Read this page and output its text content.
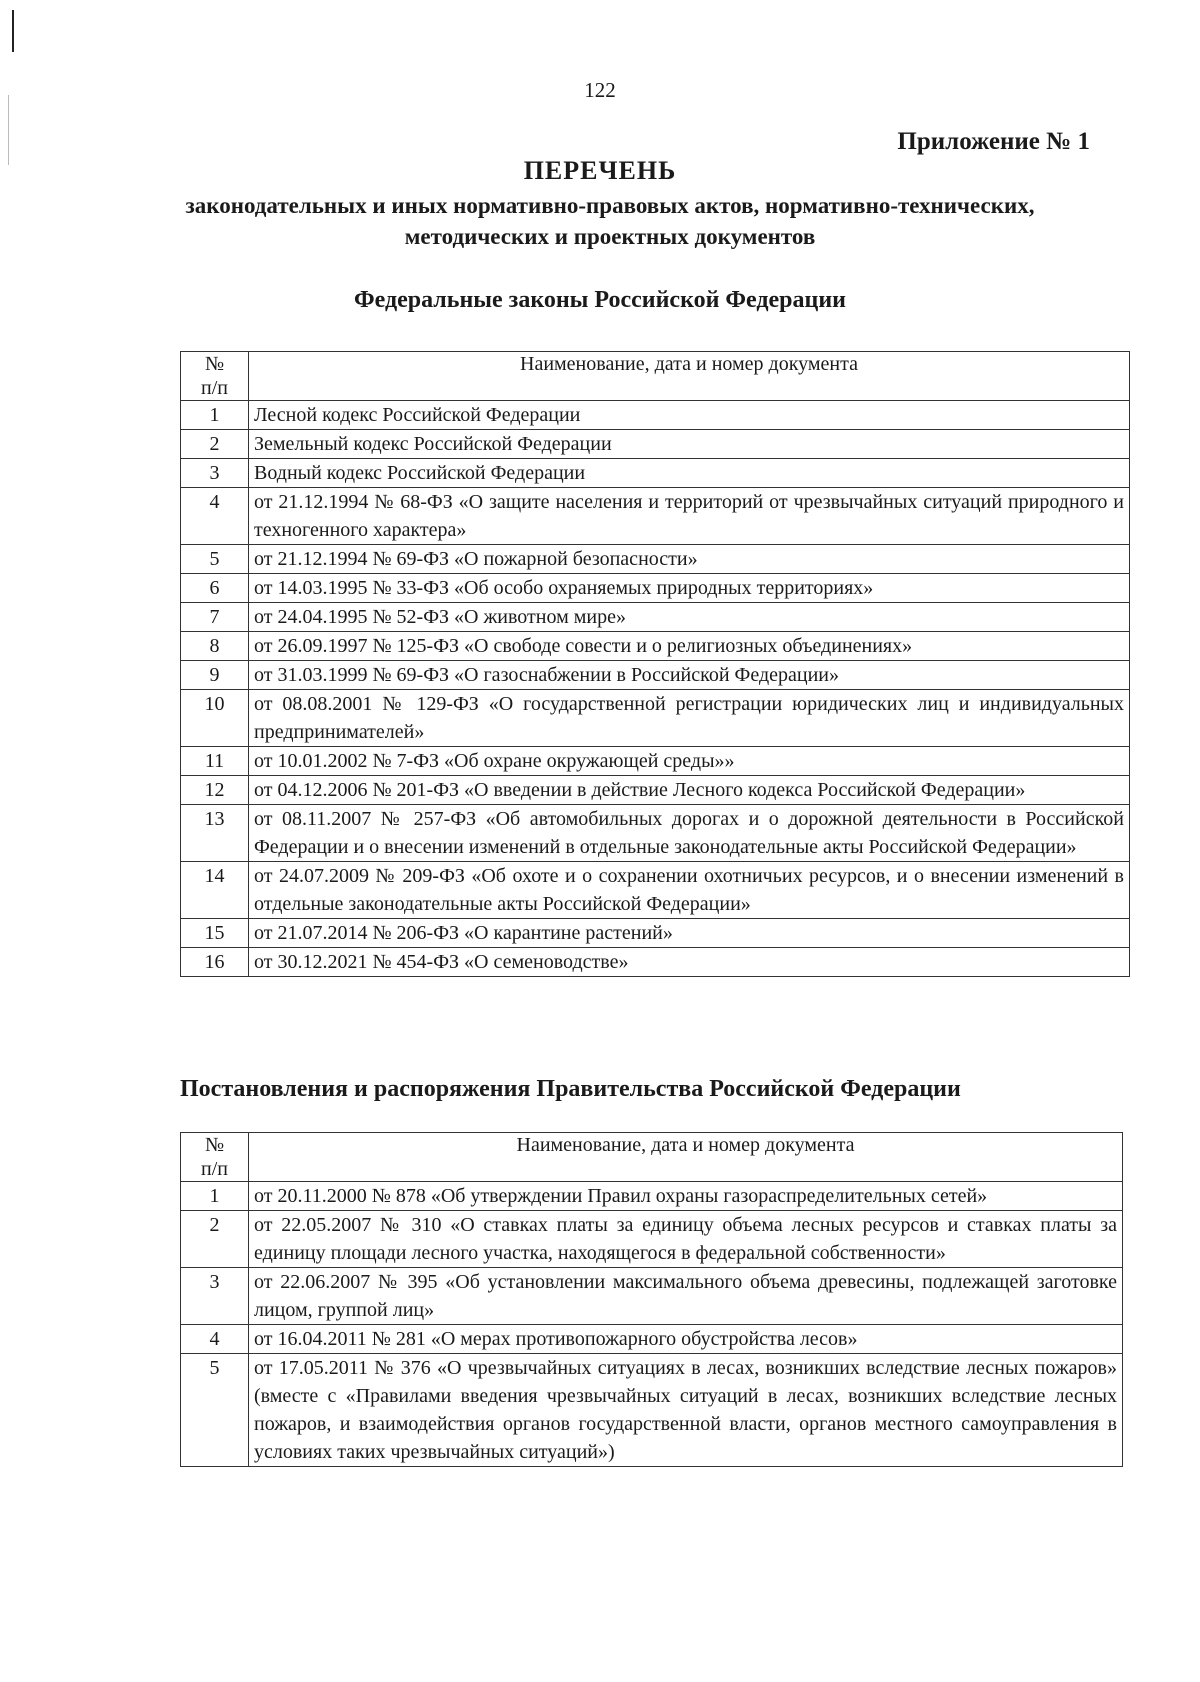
122
Приложение № 1
ПЕРЕЧЕНЬ
законодательных и иных нормативно-правовых актов, нормативно-технических, методических и проектных документов
Федеральные законы Российской Федерации
№
п/п	Наименование, дата и номер документа
1	Лесной кодекс Российской Федерации
2	Земельный кодекс Российской Федерации
3	Водный кодекс Российской Федерации
4	от 21.12.1994 № 68-ФЗ «О защите населения и территорий от чрезвычайных ситуаций природного и техногенного характера»
5	от 21.12.1994 № 69-ФЗ «О пожарной безопасности»
6	от 14.03.1995 № 33-ФЗ «Об особо охраняемых природных территориях»
7	от 24.04.1995 № 52-ФЗ «О животном мире»
8	от 26.09.1997 № 125-ФЗ «О свободе совести и о религиозных объединениях»
9	от 31.03.1999 № 69-ФЗ «О газоснабжении в Российской Федерации»
10	от 08.08.2001 № 129-ФЗ «О государственной регистрации юридических лиц и индивидуальных предпринимателей»
11	от 10.01.2002 № 7-ФЗ «Об охране окружающей среды»»
12	от 04.12.2006 № 201-ФЗ «О введении в действие Лесного кодекса Российской Федерации»
13	от 08.11.2007 № 257-ФЗ «Об автомобильных дорогах и о дорожной деятельности в Российской Федерации и о внесении изменений в отдельные законодательные акты Российской Федерации»
14	от 24.07.2009 № 209-ФЗ «Об охоте и о сохранении охотничьих ресурсов, и о внесении изменений в отдельные законодательные акты Российской Федерации»
15	от 21.07.2014 № 206-ФЗ «О карантине растений»
16	от 30.12.2021 № 454-ФЗ «О семеноводстве»
Постановления и распоряжения Правительства Российской Федерации
№
п/п	Наименование, дата и номер документа
1	от 20.11.2000 № 878 «Об утверждении Правил охраны газораспределительных сетей»
2	от 22.05.2007 № 310 «О ставках платы за единицу объема лесных ресурсов и ставках платы за единицу площади лесного участка, находящегося в федеральной собственности»
3	от 22.06.2007 № 395 «Об установлении максимального объема древесины, подлежащей заготовке лицом, группой лиц»
4	от 16.04.2011 № 281 «О мерах противопожарного обустройства лесов»
5	от 17.05.2011 № 376 «О чрезвычайных ситуациях в лесах, возникших вследствие лесных пожаров» (вместе с «Правилами введения чрезвычайных ситуаций в лесах, возникших вследствие лесных пожаров, и взаимодействия органов государственной власти, органов местного самоуправления в условиях таких чрезвычайных ситуаций»)
